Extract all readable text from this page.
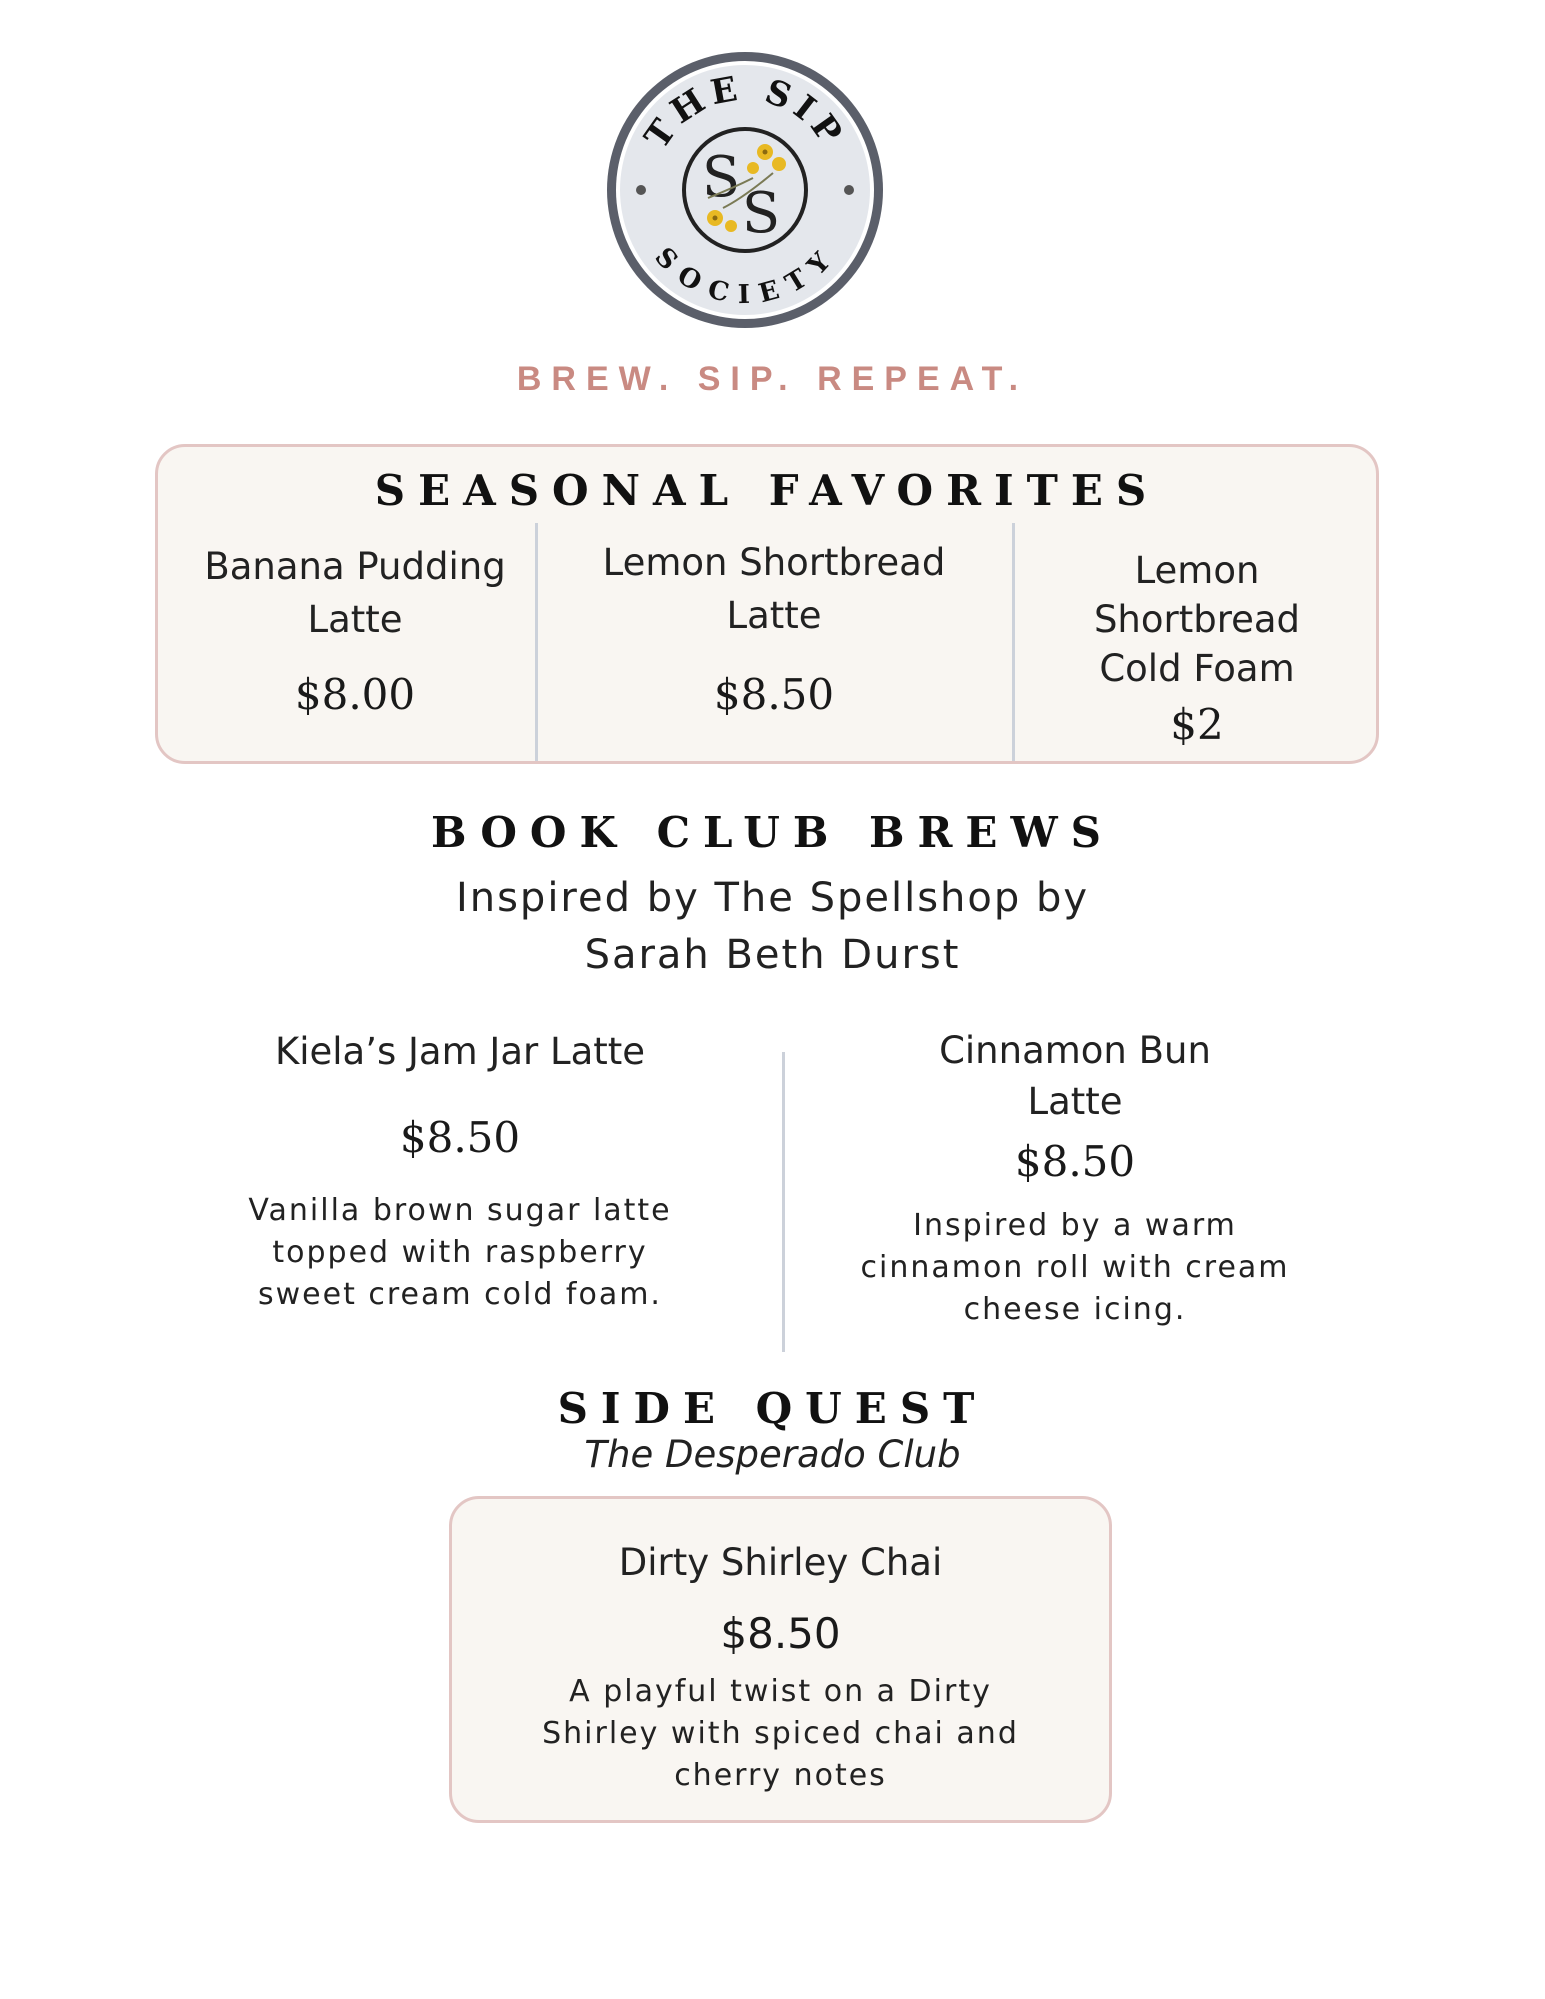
THE SIP
SOCIETY
S
S
BREW. SIP. REPEAT.
SEASONAL FAVORITES
Banana Pudding
Latte
$8.00
Lemon Shortbread
Latte
$8.50
Lemon
Shortbread
Cold Foam
$2
BOOK CLUB BREWS
Inspired by The Spellshop by
Sarah Beth Durst
Kiela’s Jam Jar Latte
$8.50
Vanilla brown sugar latte
topped with raspberry
sweet cream cold foam.
Cinnamon Bun
Latte
$8.50
Inspired by a warm
cinnamon roll with cream
cheese icing.
SIDE QUEST
The Desperado Club
Dirty Shirley Chai
$8.50
A playful twist on a Dirty
Shirley with spiced chai and
cherry notes
